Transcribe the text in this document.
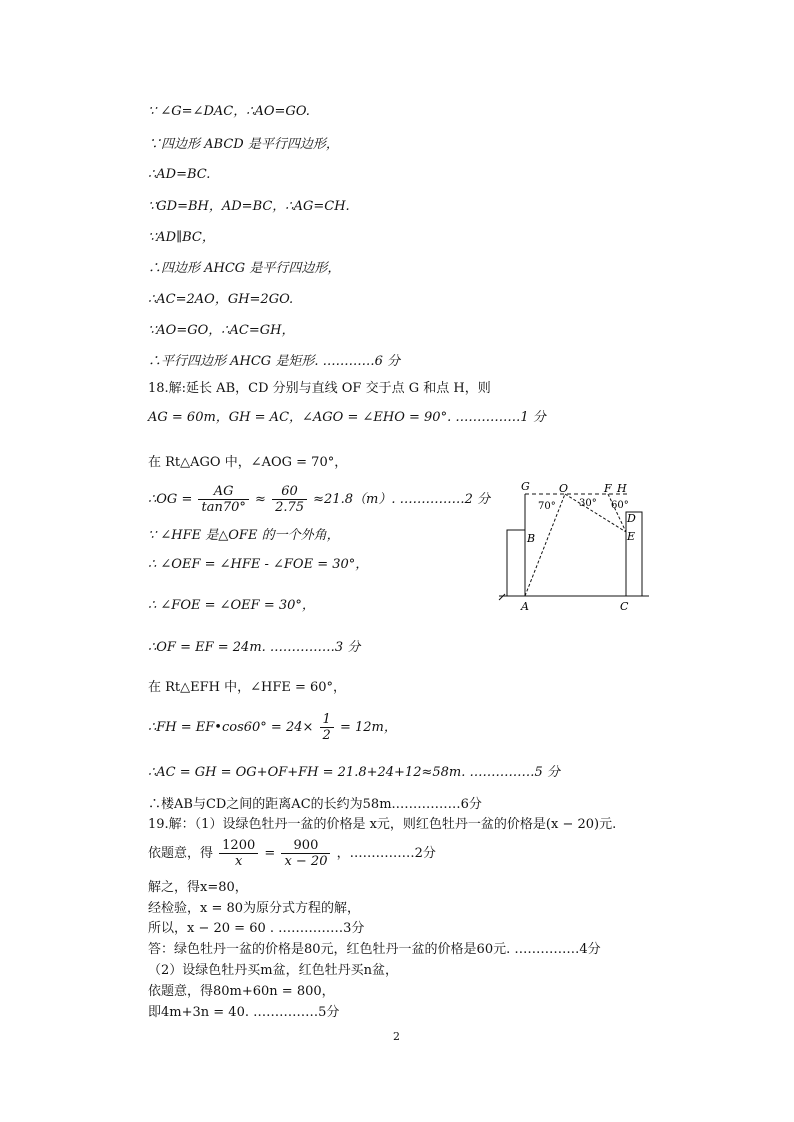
∵ ∠G=∠DAC，∴AO=GO.
∵四边形 ABCD 是平行四边形，
∴AD=BC.
∵GD=BH，AD=BC，∴AG=CH.
∵AD∥BC，
∴四边形 AHCG 是平行四边形，
∴AC=2AO，GH=2GO.
∵AO=GO，∴AC=GH，
∴平行四边形 AHCG 是矩形. …………6 分
18.解:延长 AB，CD 分别与直线 OF 交于点 G 和点 H，则
AG = 60m，GH = AC，∠AGO = ∠EHO = 90°. ……………1 分
在 Rt△AGO 中，∠AOG = 70°，
∴OG = $\frac{AG}{\tan 70^\circ} \approx \frac{60}{2.75} \approx 21.8(m)$. ……………2 分
∵ ∠HFE 是△OFE 的一个外角，
∴ ∠OEF = ∠HFE - ∠FOE = 30°，
∴ ∠FOE = ∠OEF = 30°，
∴OF = EF = 24m. ……………3 分
在 Rt△EFH 中，∠HFE = 60°，
∴FH = EF•cos60° = $24\times \frac{1}{2} = 12m$，
∴AC = GH = OG+OF+FH = 21.8+24+12≈58m. ……………5 分
∴楼AB与CD之间的距离AC的长约为58m.……………6分
19.解：（1）设绿色牡丹一盆的价格是 x元，则红色牡丹一盆的价格是(x − 20)元.
依题意，得 $\frac{1200}{x} = \frac{900}{x - 20}$ ，……………2分
解之，得x=80，
经检验，x = 80为原分式方程的解，
所以，x − 20 = 60 . ……………3分
答：绿色牡丹一盆的价格是80元，红色牡丹一盆的价格是60元. ……………4分
（2）设绿色牡丹买m盆，红色牡丹买n盆，
依题意，得80m+60n = 800，
即4m+3n = 40. ……………5分
2
G	O	F H
B
D
E
A	C
70° 30° 60°
